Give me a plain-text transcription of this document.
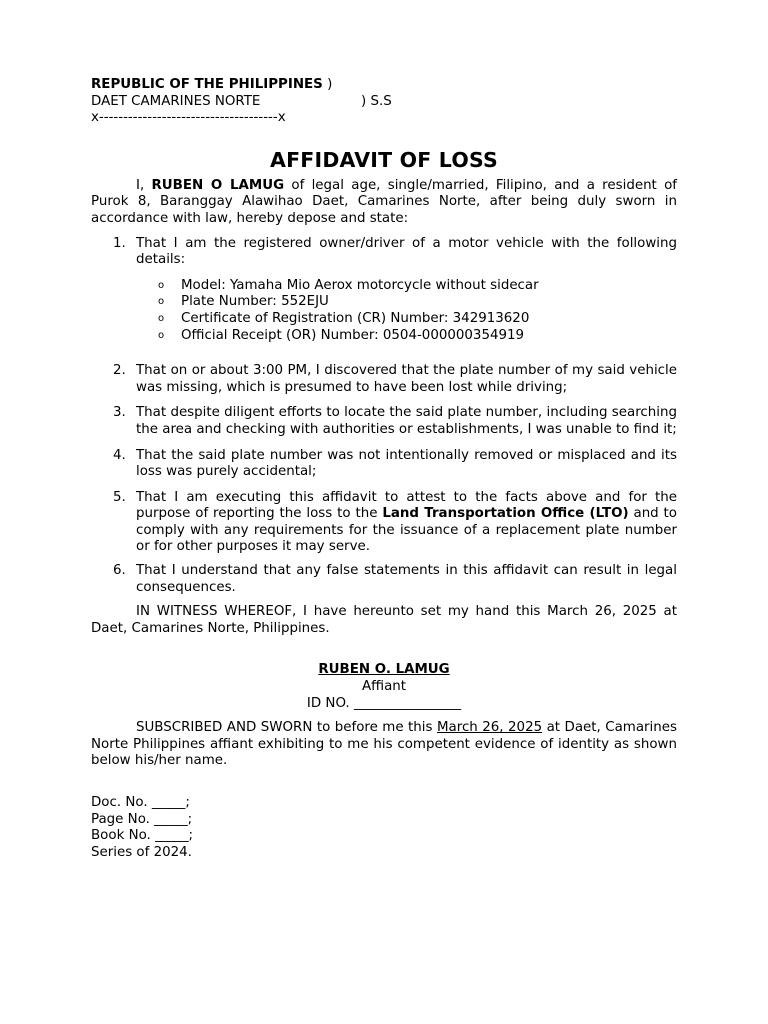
REPUBLIC OF THE PHILIPPINES )
DAET CAMARINES NORTE	) S.S
x-------------------------------------x
AFFIDAVIT OF LOSS
I, RUBEN O LAMUG of legal age, single/married, Filipino, and a resident of Purok 8, Baranggay Alawihao Daet, Camarines Norte, after being duly sworn in accordance with law, hereby depose and state:
1. That I am the registered owner/driver of a motor vehicle with the following details:
o Model: Yamaha Mio Aerox motorcycle without sidecar
o Plate Number: 552EJU
o Certificate of Registration (CR) Number: 342913620
o Official Receipt (OR) Number: 0504-000000354919
2. That on or about 3:00 PM, I discovered that the plate number of my said vehicle was missing, which is presumed to have been lost while driving;
3. That despite diligent efforts to locate the said plate number, including searching the area and checking with authorities or establishments, I was unable to find it;
4. That the said plate number was not intentionally removed or misplaced and its loss was purely accidental;
5. That I am executing this affidavit to attest to the facts above and for the purpose of reporting the loss to the Land Transportation Office (LTO) and to comply with any requirements for the issuance of a replacement plate number or for other purposes it may serve.
6. That I understand that any false statements in this affidavit can result in legal consequences.
IN WITNESS WHEREOF, I have hereunto set my hand this March 26, 2025 at Daet, Camarines Norte, Philippines.
RUBEN O. LAMUG
Affiant
ID NO. ________________
SUBSCRIBED AND SWORN to before me this March 26, 2025 at Daet, Camarines Norte Philippines affiant exhibiting to me his competent evidence of identity as shown below his/her name.
Doc. No. _____;
Page No. _____;
Book No. _____;
Series of 2024.
